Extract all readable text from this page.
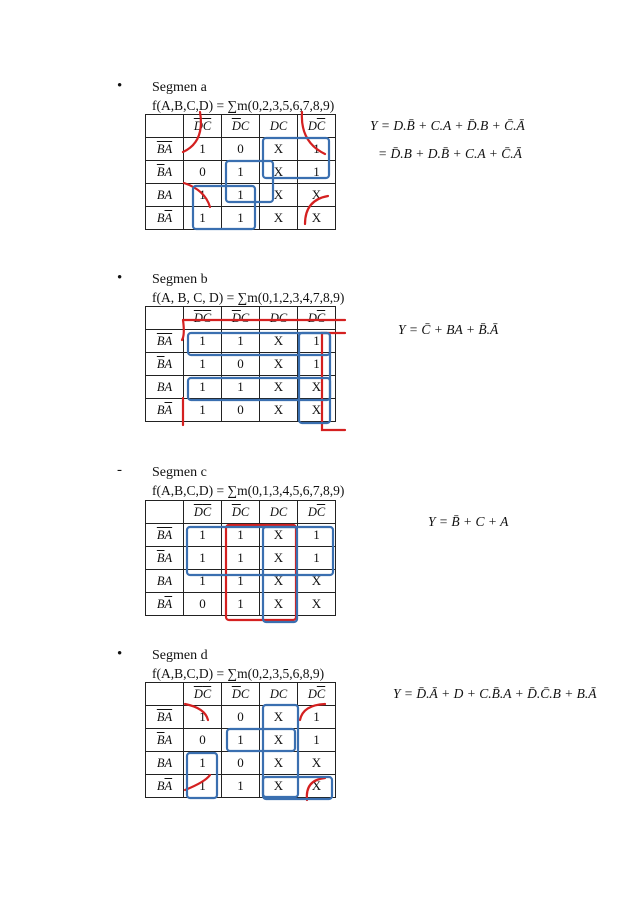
• Segmen a
f(A,B,C,D) = ∑m(0,2,3,5,6,7,8,9)
	$\overline{D}\overline{C}$	$\overline{D}C$	DC	$D\overline{C}$
$\overline{BA}$	1	0	X	1
$\overline{B}A$	0	1	X	1
BA	1	1	X	X
$B\overline{A}$	1	1	X	X
Y = D.B̄ + C.A + D̄.B + C̄.Ā
= D̄.B + D.B̄ + C.A + C̄.Ā
• Segmen b
f(A, B, C, D) = ∑m(0,1,2,3,4,7,8,9)
	$\overline{D}\overline{C}$	$\overline{D}C$	DC	$D\overline{C}$
$\overline{BA}$	1	1	X	1
$\overline{B}A$	1	0	X	1
BA	1	1	X	X
$B\overline{A}$	1	0	X	X
Y = C̄ + BA + B̄.Ā
- Segmen c
f(A,B,C,D) = ∑m(0,1,3,4,5,6,7,8,9)
	$\overline{D}\overline{C}$	$\overline{D}C$	DC	$D\overline{C}$
$\overline{BA}$	1	1	X	1
$\overline{B}A$	1	1	X	1
BA	1	1	X	X
$B\overline{A}$	0	1	X	X
Y = B̄ + C + A
• Segmen d
f(A,B,C,D) = ∑m(0,2,3,5,6,8,9)
	$\overline{D}\overline{C}$	$\overline{D}C$	DC	$D\overline{C}$
$\overline{BA}$	1	0	X	1
$\overline{B}A$	0	1	X	1
BA	1	0	X	X
$B\overline{A}$	1	1	X	X
Y = D̄.Ā + D + C.B̄.A + D̄.C̄.B + B.Ā
